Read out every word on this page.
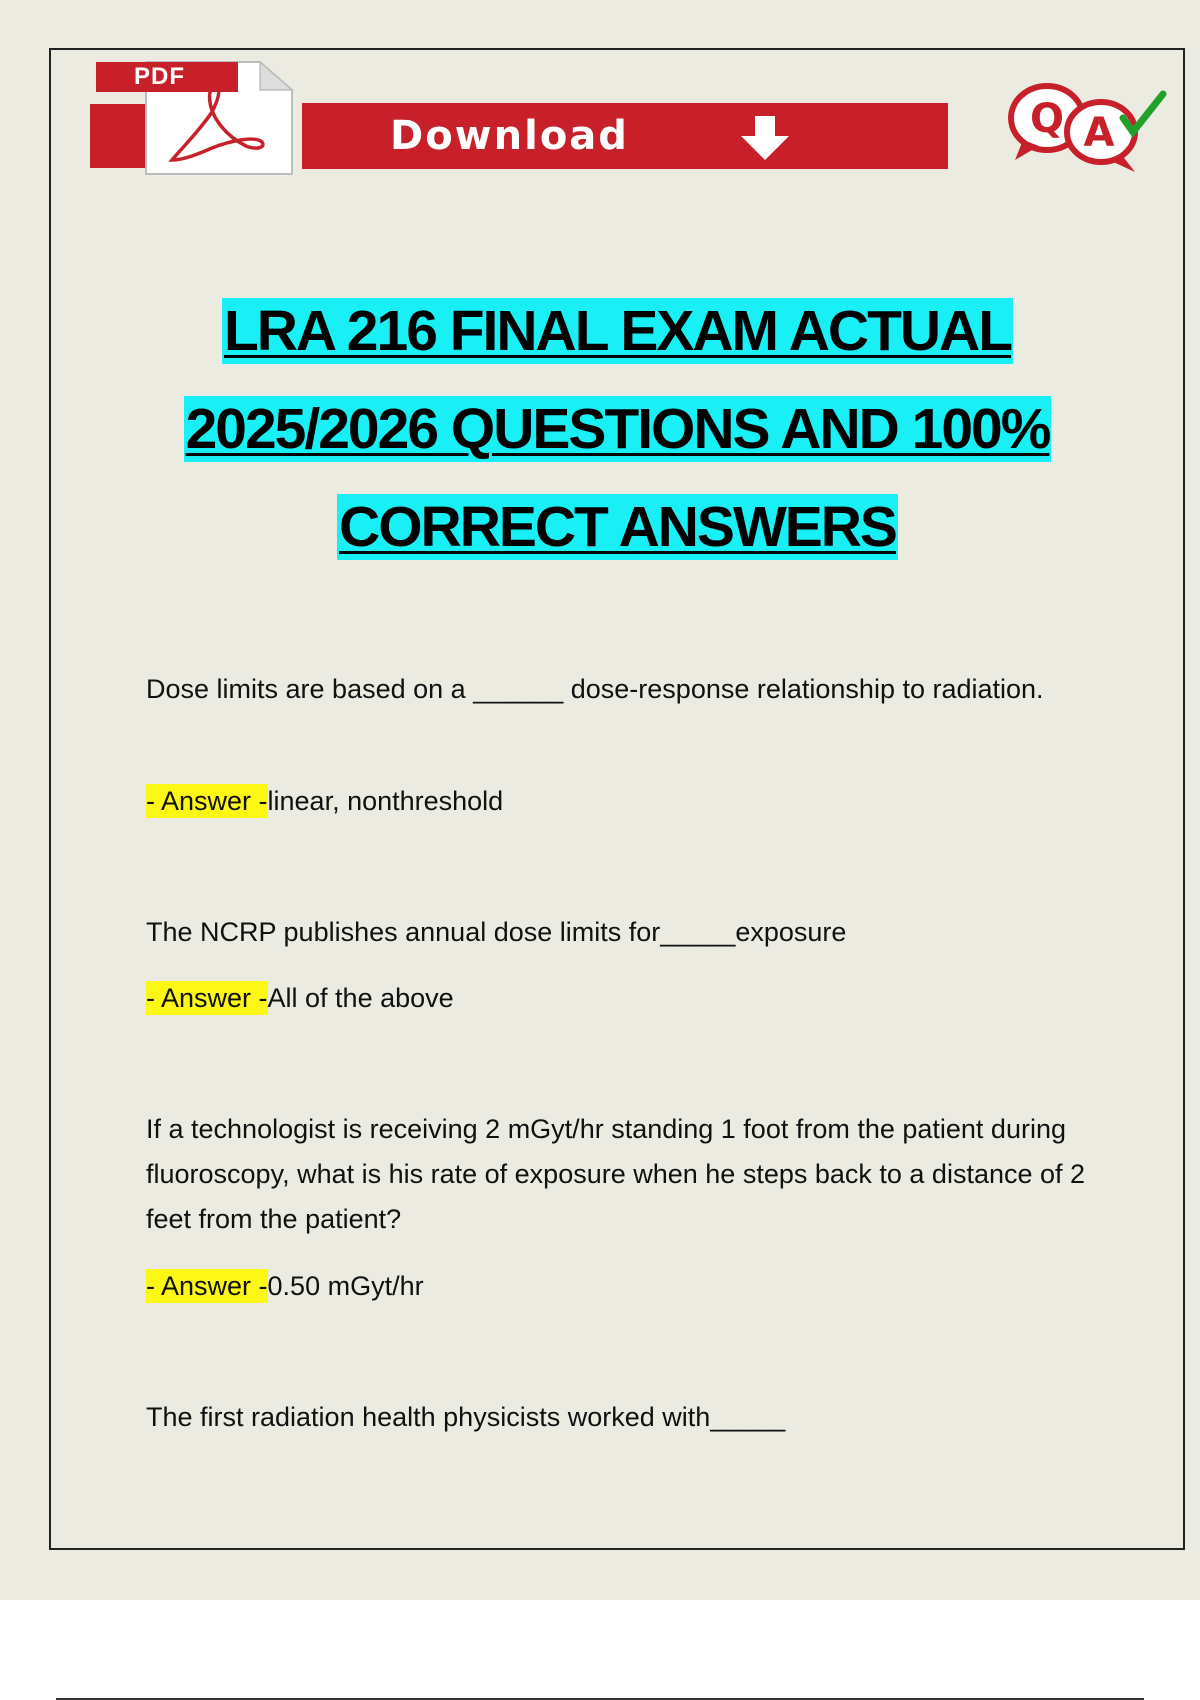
PDF
Download	Q A
LRA 216 FINAL EXAM ACTUAL
2025/2026 QUESTIONS AND 100%
CORRECT ANSWERS
Dose limits are based on a ______ dose-response relationship to radiation.
- Answer -linear, nonthreshold
The NCRP publishes annual dose limits for_____exposure
- Answer -All of the above
If a technologist is receiving 2 mGyt/hr standing 1 foot from the patient during fluoroscopy, what is his rate of exposure when he steps back to a distance of 2 feet from the patient?
- Answer -0.50 mGyt/hr
The first radiation health physicists worked with_____
